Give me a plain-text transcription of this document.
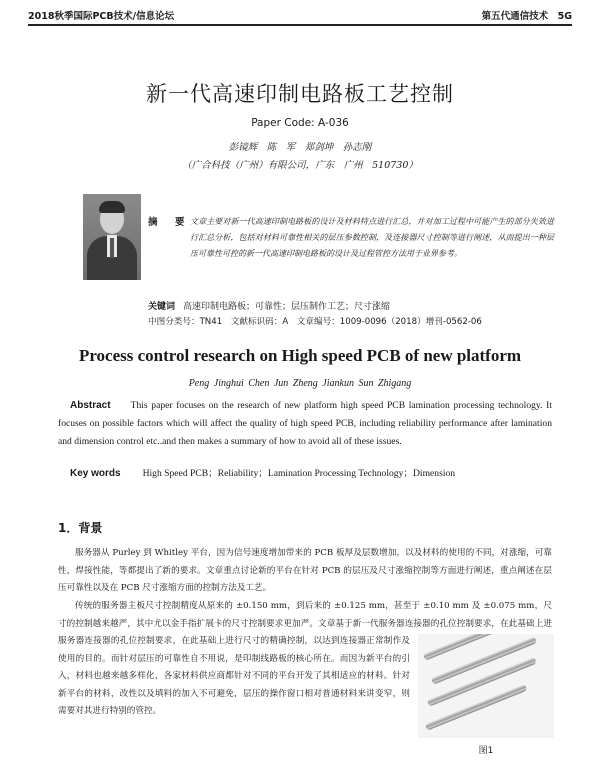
2018秋季国际PCB技术/信息论坛	第五代通信技术　5G
新一代高速印制电路板工艺控制
Paper Code: A-036
彭镜辉　陈　军　郑剑坤　孙志刚
（广合科技（广州）有限公司，广东　广州　510730）
摘　要 文章主要对新一代高速印制电路板的设计及材料特点进行汇总，并对加工过程中可能产生的部分失效进行汇总分析，包括对材料可靠性相关的层压参数控制，及连接器尺寸控制等进行阐述，从而提出一种层压可靠性可控的新一代高速印制电路板的设计及过程管控方法用于业界参考。
关键词 高速印制电路板；可靠性；层压制作工艺；尺寸涨缩
中图分类号：TN41　文献标识码：A　文章编号：1009-0096（2018）增刊-0562-06
Process control research on High speed PCB of new platform
Peng Jinghui Chen Jun Zheng Jiankun Sun Zhigang
Abstract This paper focuses on the research of new platform high speed PCB lamination processing technology. It focuses on possible factors which will affect the quality of high speed PCB, including reliability performance after lamination and dimension control etc..and then makes a summary of how to avoid all of these issues.
Key words High Speed PCB；Reliability；Lamination Processing Technology；Dimension
1．背景
服务器从 Purley 到 Whitley 平台，因为信号速度增加带来的 PCB 板厚及层数增加，以及材料的使用的不同，对涨缩，可靠性，焊接性能，等都提出了新的要求。文章重点讨论新的平台在针对 PCB 的层压及尺寸涨缩控制等方面进行阐述，重点阐述在层压可靠性以及在 PCB 尺寸涨缩方面的控制方法及工艺。
传统的服务器主板尺寸控制精度从原来的 ±0.150 mm，到后来的 ±0.125 mm，甚至于 ±0.10 mm 及 ±0.075 mm，尺寸的控制越来越严，其中尤以金手指扩展卡的尺寸控制要求更加严。文章基于新一代服务器连接器的孔位控制要求，在此基础上进
服务器连接器的孔位控制要求，在此基础上进行尺寸的精确控制，以达到连接器正常制作及使用的目的。而针对层压的可靠性自不用说，是印制线路板的核心所在。而因为新平台的引入，材料也越来越多样化，各家材料供应商都针对不同的平台开发了其相适应的材料。针对新平台的材料，改性以及填料的加入不可避免，层压的操作窗口相对普通材料来讲变窄，则需要对其进行特别的管控。
图1
